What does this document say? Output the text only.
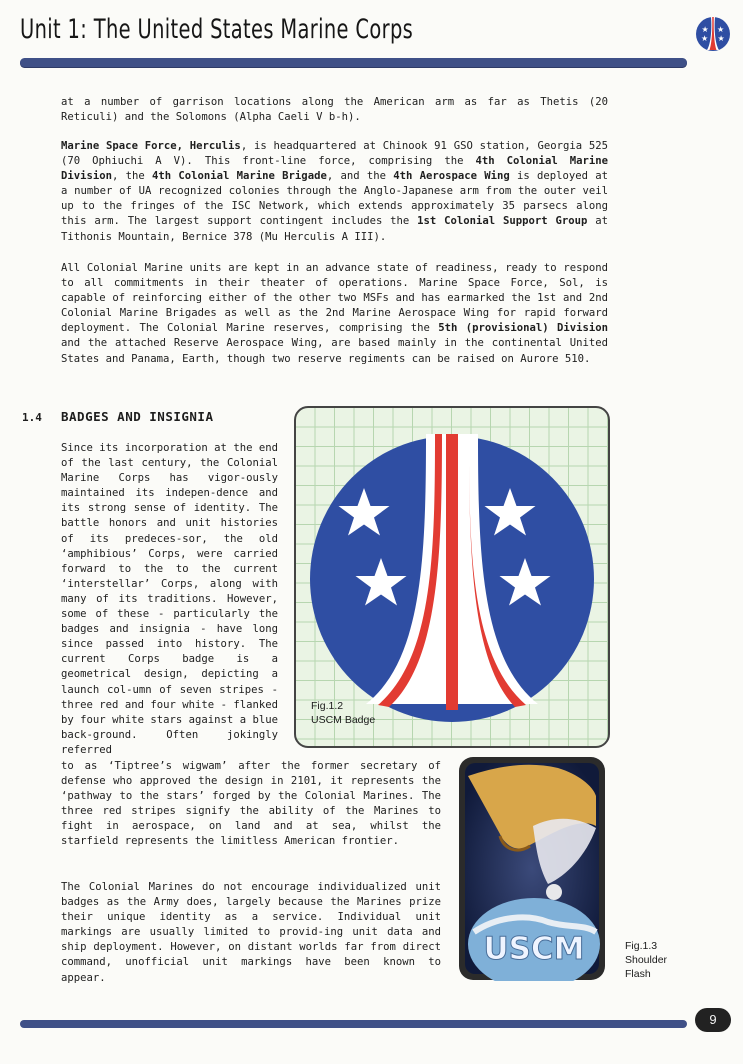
Unit 1: The United States Marine Corps	★ ★
★ ★

at a number of garrison locations along the American arm as far as Thetis (20 Reticuli) and the Solomons (Alpha Caeli V b-h).

Marine Space Force, Herculis, is headquartered at Chinook 91 GSO station, Georgia 525 (70 Ophiuchi A V). This front-line force, comprising the 4th Colonial Marine Division, the 4th Colonial Marine Brigade, and the 4th Aerospace Wing is deployed at a number of UA recognized colonies through the Anglo-Japanese arm from the outer veil up to the fringes of the ISC Network, which extends approximately 35 parsecs along this arm. The largest support contingent includes the 1st Colonial Support Group at Tithonis Mountain, Bernice 378 (Mu Herculis A III).

All Colonial Marine units are kept in an advance state of readiness, ready to respond to all commitments in their theater of operations. Marine Space Force, Sol, is capable of reinforcing either of the other two MSFs and has earmarked the 1st and 2nd Colonial Marine Brigades as well as the 2nd Marine Aerospace Wing for rapid forward deployment. The Colonial Marine reserves, comprising the 5th (provisional) Division and the attached Reserve Aerospace Wing, are based mainly in the continental United States and Panama, Earth, though two reserve regiments can be raised on Aurore 510.

1.4 BADGES AND INSIGNIA

Since its incorporation at the end of the last century, the Colonial Marine Corps has vigor-ously maintained its indepen-dence and its strong sense of identity. The battle honors and unit histories of its predeces-sor, the old ‘amphibious’ Corps, were carried forward to the to the current ‘interstellar’ Corps, along with many of its traditions. However, some of these - particularly the badges and insignia - have long since passed into history. The current Corps badge is a geometrical design, depicting a launch col-umn of seven stripes - three red and four white - flanked by four white stars against a blue back-ground. Often jokingly referred

to as ‘Tiptree’s wigwam’ after the former secretary of defense who approved the design in 2101, it represents the ‘pathway to the stars’ forged by the Colonial Marines. The three red stripes signify the ability of the Marines to fight in aerospace, on land and at sea, whilst the starfield represents the limitless American frontier.

The Colonial Marines do not encourage individualized unit badges as the Army does, largely because the Marines prize their unique identity as a service. Individual unit markings are usually limited to provid-ing unit data and ship deployment. However, on distant worlds far from direct command, unofficial unit markings have been known to appear.

Fig.1.2
USCM Badge
USCM	Fig.1.3
Shoulder
Flash
9
